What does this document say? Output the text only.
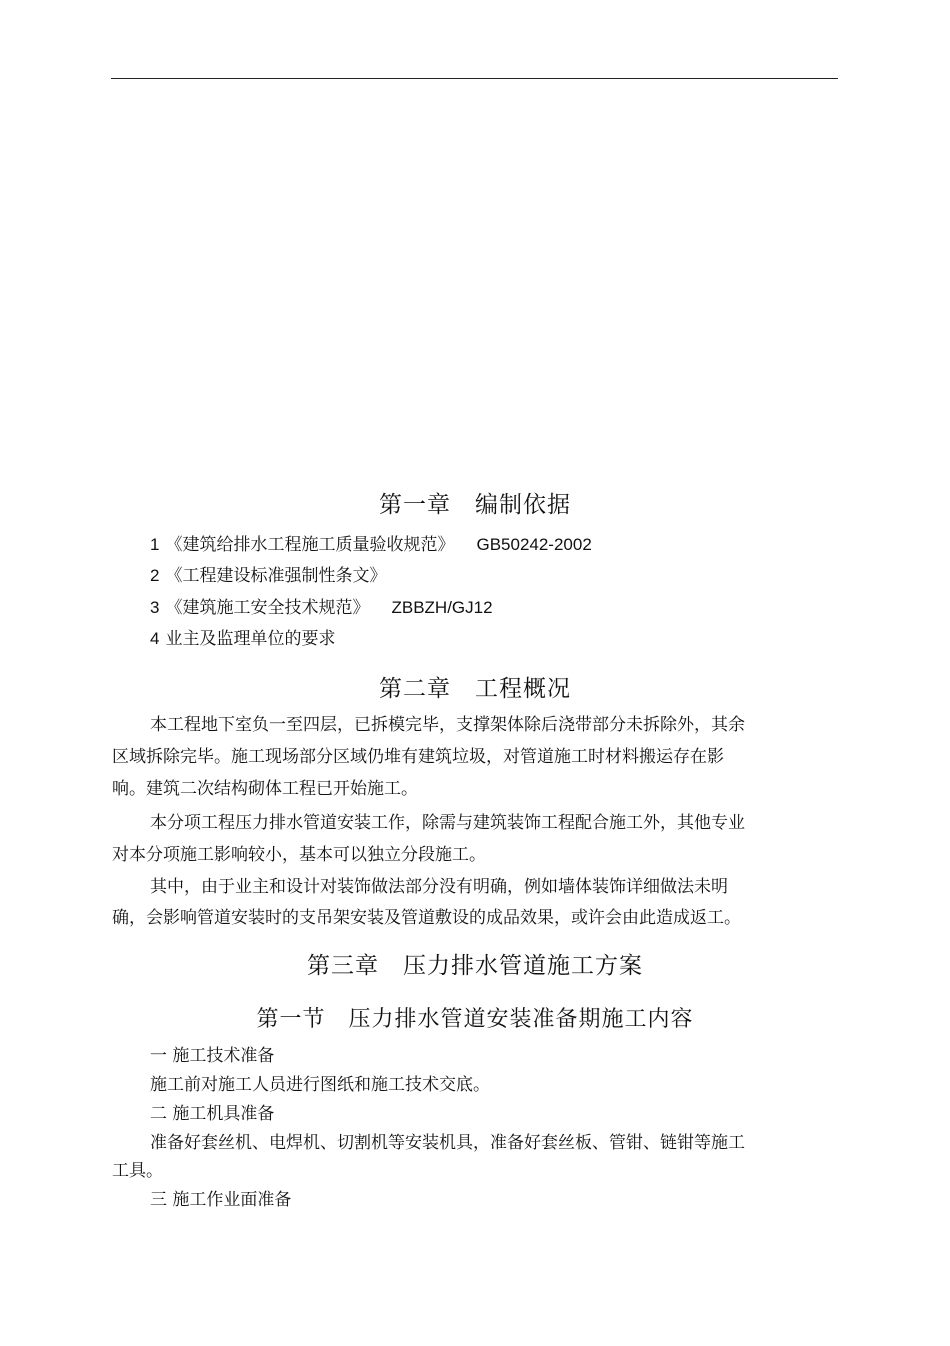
第一章　编制依据
1 《建筑给排水工程施工质量验收规范》 GB50242-2002
2 《工程建设标准强制性条文》
3 《建筑施工安全技术规范》 ZBBZH/GJ12
4 业主及监理单位的要求
第二章　工程概况
本工程地下室负一至四层，已拆模完毕，支撑架体除后浇带部分未拆除外，其余
区域拆除完毕。施工现场部分区域仍堆有建筑垃圾，对管道施工时材料搬运存在影
响。建筑二次结构砌体工程已开始施工。
本分项工程压力排水管道安装工作，除需与建筑装饰工程配合施工外，其他专业
对本分项施工影响较小，基本可以独立分段施工。
其中，由于业主和设计对装饰做法部分没有明确，例如墙体装饰详细做法未明
确，会影响管道安装时的支吊架安装及管道敷设的成品效果，或许会由此造成返工。
第三章　压力排水管道施工方案
第一节　压力排水管道安装准备期施工内容
一 施工技术准备
施工前对施工人员进行图纸和施工技术交底。
二 施工机具准备
准备好套丝机、电焊机、切割机等安装机具，准备好套丝板、管钳、链钳等施工
工具。
三 施工作业面准备
